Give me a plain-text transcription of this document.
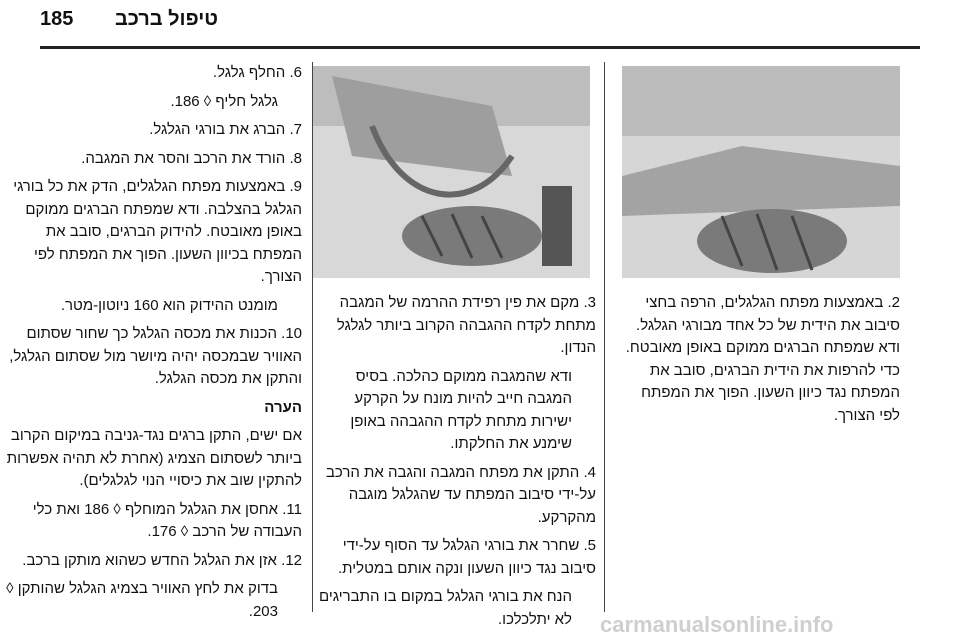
185 טיפול ברכב

2. באמצעות מפתח הגלגלים, הרפה בחצי סיבוב את הידית של כל אחד מבורגי הגלגל. ודא שמפתח הברגים ממוקם באופן מאובטח. כדי להרפות את הידית הברגים, סובב את המפתח נגד כיוון השעון. הפוך את המפתח לפי הצורך.

3. מקם את פין רפידת ההרמה של המגבה מתחת לקדח ההגבהה הקרוב ביותר לגלגל הנדון.

ודא שהמגבה ממוקם כהלכה. בסיס המגבה חייב להיות מונח על הקרקע ישירות מתחת לקדח ההגבהה באופן שימנע את החלקתו.

4. התקן את מפתח המגבה והגבה את הרכב על-ידי סיבוב המפתח עד שהגלגל מוגבה מהקרקע.

5. שחרר את בורגי הגלגל עד הסוף על-ידי סיבוב נגד כיוון השעון ונקה אותם במטלית.

הנח את בורגי הגלגל במקום בו התבריגים לא יתלכלכו.

6. החלף גלגל.

גלגל חליף ◊ 186.

7. הברג את בורגי הגלגל.

8. הורד את הרכב והסר את המגבה.

9. באמצעות מפתח הגלגלים, הדק את כל בורגי הגלגל בהצלבה. ודא שמפתח הברגים ממוקם באופן מאובטח. להידוק הברגים, סובב את המפתח בכיוון השעון. הפוך את המפתח לפי הצורך.

מומנט ההידוק הוא 160 ניוטון-מטר.

10. הכנות את מכסה הגלגל כך שחור שסתום האוויר שבמכסה יהיה מיושר מול שסתום הגלגל, והתקן את מכסה הגלגל.

הערה

אם ישים, התקן ברגים נגד-גניבה במיקום הקרוב ביותר לשסתום הצמיג (אחרת לא תהיה אפשרות להתקין שוב את כיסויי הנוי לגלגלים).

11. אחסן את הגלגל המוחלף ◊ 186 ואת כלי העבודה של הרכב ◊ 176.

12. אזן את הגלגל החדש כשהוא מותקן ברכב.

בדוק את לחץ האוויר בצמיג הגלגל שהותקן ◊ 203.

carmanualsonline.info
